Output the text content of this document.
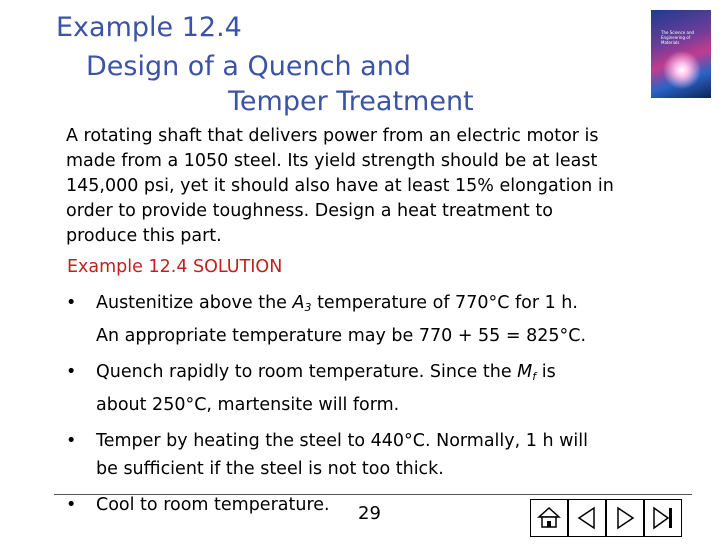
Example 12.4
Design of a Quench and
Temper Treatment
The Science and Engineering of Materials

A rotating shaft that delivers power from an electric motor is

made from a 1050 steel. Its yield strength should be at least

145,000 psi, yet it should also have at least 15% elongation in

order to provide toughness. Design a heat treatment to

produce this part.

Example 12.4 SOLUTION
•	Austenitize above the $A_3$ temperature of 770°C for 1 h.

An appropriate temperature may be 770 + 55 = 825°C.

•	Quench rapidly to room temperature. Since the $M_f$ is

about 250°C, martensite will form.

•	Temper by heating the steel to 440°C. Normally, 1 h will

be sufficient if the steel is not too thick.

•	Cool to room temperature. 29
